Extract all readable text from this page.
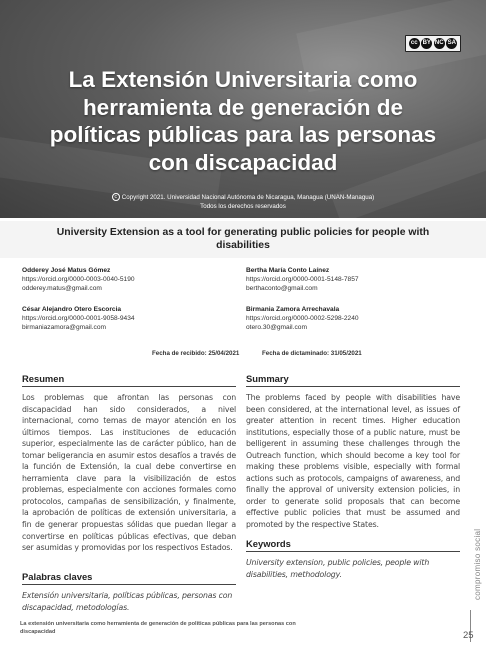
cc BY NC SA
La Extensión Universitaria como herramienta de generación de políticas públicas para las personas con discapacidad
c Copyright 2021. Universidad Nacional Autónoma de Nicaragua, Managua (UNAN-Managua)
Todos los derechos reservados
University Extension as a tool for generating public policies for people with disabilities
Odderey José Matus Gómez
https://orcid.org/0000-0003-0040-5190
odderey.matus@gmail.com
Bertha María Conto Laínez
https://orcid.org/0000-0001-5148-7857
berthaconto@gmail.com
César Alejandro Otero Escorcia
https://orcid.org/0000-0001-9058-9434
birmaniazamora@gmail.com
Birmania Zamora Arrechavala
https://orcid.org/0000-0002-5298-2240
otero.30@gmail.com
Fecha de recibido: 25/04/2021	Fecha de dictaminado: 31/05/2021
Resumen

Los problemas que afrontan las personas con discapacidad han sido considerados, a nivel internacional, como temas de mayor atención en los últimos tiempos. Las instituciones de educación superior, especialmente las de carácter público, han de tomar beligerancia en asumir estos desafíos a través de la función de Extensión, la cual debe convertirse en herramienta clave para la visibilización de estos problemas, especialmente con acciones formales como protocolos, campañas de sensibilización, y finalmente, la aprobación de políticas de extensión universitaria, a fin de generar propuestas sólidas que puedan llegar a convertirse en políticas públicas efectivas, que deban ser asumidas y promovidas por los respectivos Estados.

Palabras claves

Extensión universitaria, políticas públicas, personas con discapacidad, metodologías.

Summary

The problems faced by people with disabilities have been considered, at the international level, as issues of greater attention in recent times. Higher education institutions, especially those of a public nature, must be belligerent in assuming these challenges through the Outreach function, which should become a key tool for making these problems visible, especially with formal actions such as protocols, campaigns of awareness, and finally the approval of university extension policies, in order to generate solid proposals that can become effective public policies that must be assumed and promoted by the respective States.

Keywords

University extension, public policies, people with disabilities, methodology.

La extensión universitaria como herramienta de generación de políticas públicas para las personas con discapacidad
compromiso social
25
